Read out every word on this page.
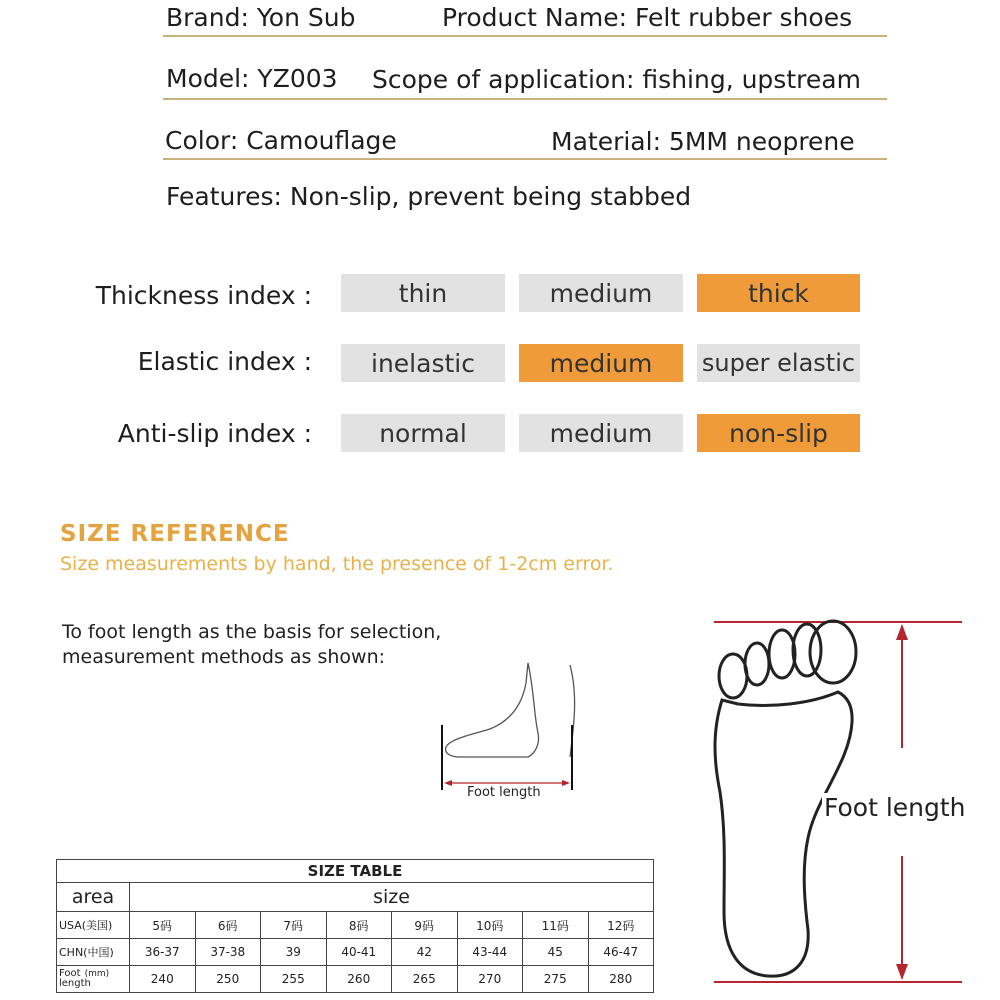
Brand: Yon Sub	Product Name: Felt rubber shoes
Model: YZ003 Scope of application: fishing, upstream
Color: Camouflage	Material: 5MM neoprene
Features: Non-slip, prevent being stabbed
Thickness index :	thin	medium	thick
Elastic index :	inelastic	medium	super elastic
Anti-slip index :	normal	medium	non-slip
SIZE REFERENCE
Size measurements by hand, the presence of 1-2cm error.
To foot length as the basis for selection,
measurement methods as shown:
Foot length
Foot length
SIZE TABLE								
area	size							
USA(美国)	5码	6码	7码	8码	9码	10码	11码	12码
CHN(中国)	36-37	37-38	39	40-41	42	43-44	45	46-47
Foot (mm)
length	240	250	255	260	265	270	275	280
